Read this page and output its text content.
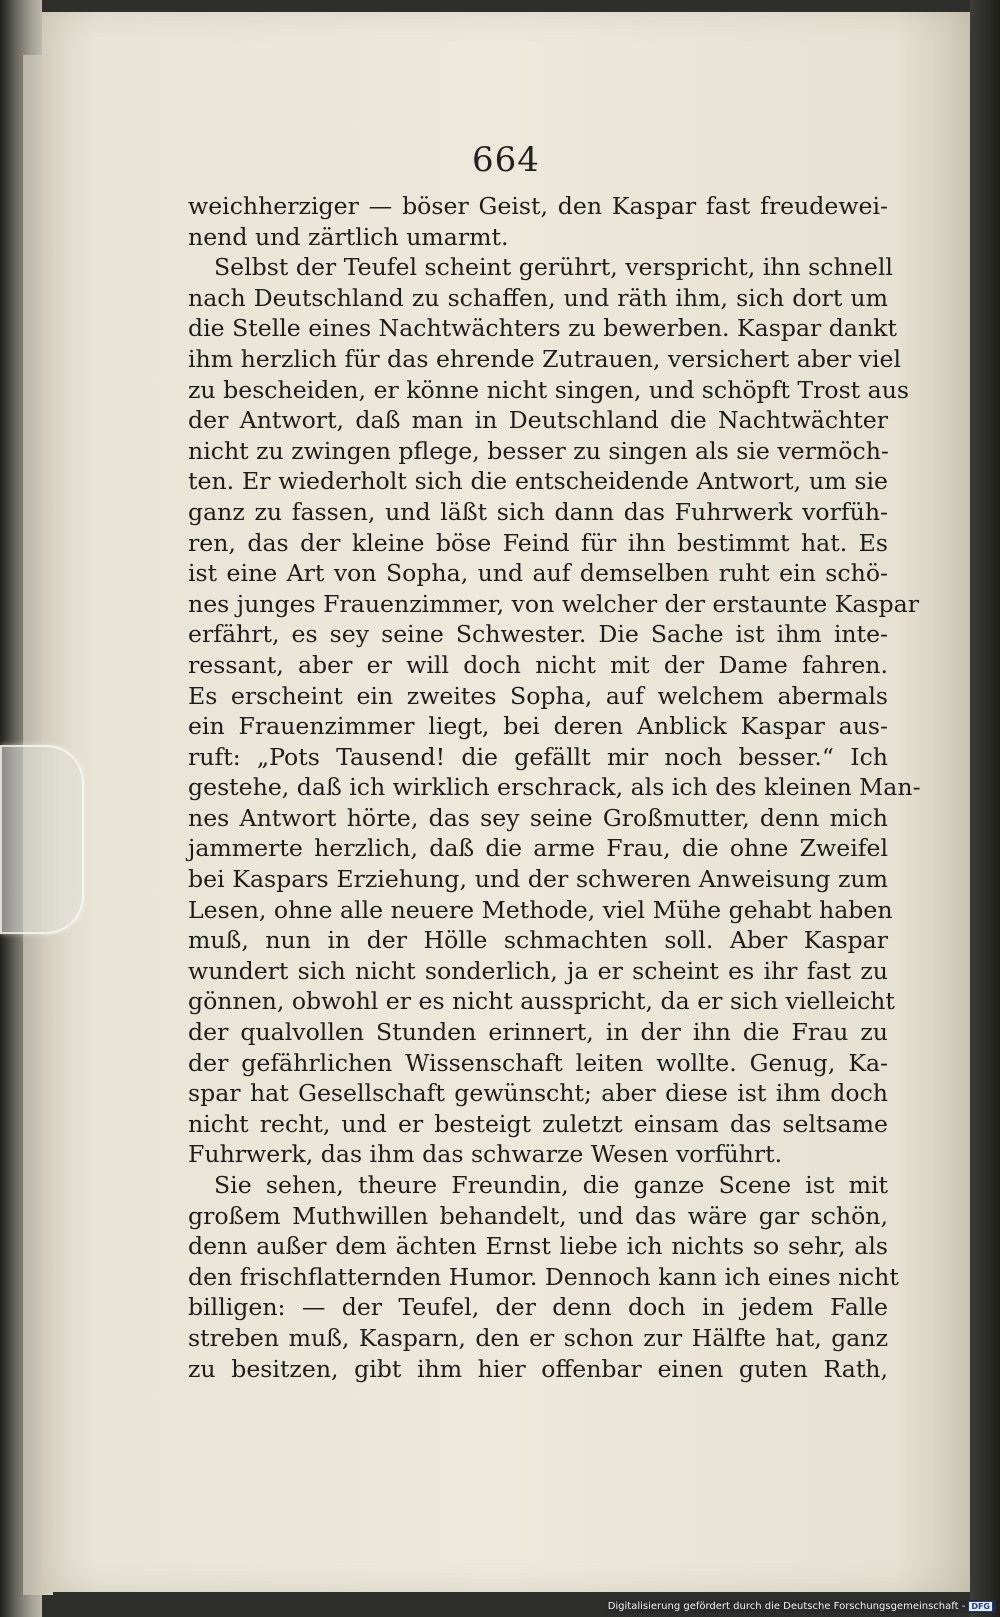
664
weichherziger — böser Geist, den Kaspar fast freudewei-
nend und zärtlich umarmt.
Selbst der Teufel scheint gerührt, verspricht, ihn schnell
nach Deutschland zu schaffen, und räth ihm, sich dort um
die Stelle eines Nachtwächters zu bewerben. Kaspar dankt
ihm herzlich für das ehrende Zutrauen, versichert aber viel
zu bescheiden, er könne nicht singen, und schöpft Trost aus
der Antwort, daß man in Deutschland die Nachtwächter
nicht zu zwingen pflege, besser zu singen als sie vermöch-
ten. Er wiederholt sich die entscheidende Antwort, um sie
ganz zu fassen, und läßt sich dann das Fuhrwerk vorfüh-
ren, das der kleine böse Feind für ihn bestimmt hat. Es
ist eine Art von Sopha, und auf demselben ruht ein schö-
nes junges Frauenzimmer, von welcher der erstaunte Kaspar
erfährt, es sey seine Schwester. Die Sache ist ihm inte-
ressant, aber er will doch nicht mit der Dame fahren.
Es erscheint ein zweites Sopha, auf welchem abermals
ein Frauenzimmer liegt, bei deren Anblick Kaspar aus-
ruft: „Pots Tausend! die gefällt mir noch besser.“ Ich
gestehe, daß ich wirklich erschrack, als ich des kleinen Man-
nes Antwort hörte, das sey seine Großmutter, denn mich
jammerte herzlich, daß die arme Frau, die ohne Zweifel
bei Kaspars Erziehung, und der schweren Anweisung zum
Lesen, ohne alle neuere Methode, viel Mühe gehabt haben
muß, nun in der Hölle schmachten soll. Aber Kaspar
wundert sich nicht sonderlich, ja er scheint es ihr fast zu
gönnen, obwohl er es nicht ausspricht, da er sich vielleicht
der qualvollen Stunden erinnert, in der ihn die Frau zu
der gefährlichen Wissenschaft leiten wollte. Genug, Ka-
spar hat Gesellschaft gewünscht; aber diese ist ihm doch
nicht recht, und er besteigt zuletzt einsam das seltsame
Fuhrwerk, das ihm das schwarze Wesen vorführt.
Sie sehen, theure Freundin, die ganze Scene ist mit
großem Muthwillen behandelt, und das wäre gar schön,
denn außer dem ächten Ernst liebe ich nichts so sehr, als
den frischflatternden Humor. Dennoch kann ich eines nicht
billigen: — der Teufel, der denn doch in jedem Falle
streben muß, Kasparn, den er schon zur Hälfte hat, ganz
zu besitzen, gibt ihm hier offenbar einen guten Rath,
Digitalisierung gefördert durch die Deutsche Forschungsgemeinschaft - DFG
